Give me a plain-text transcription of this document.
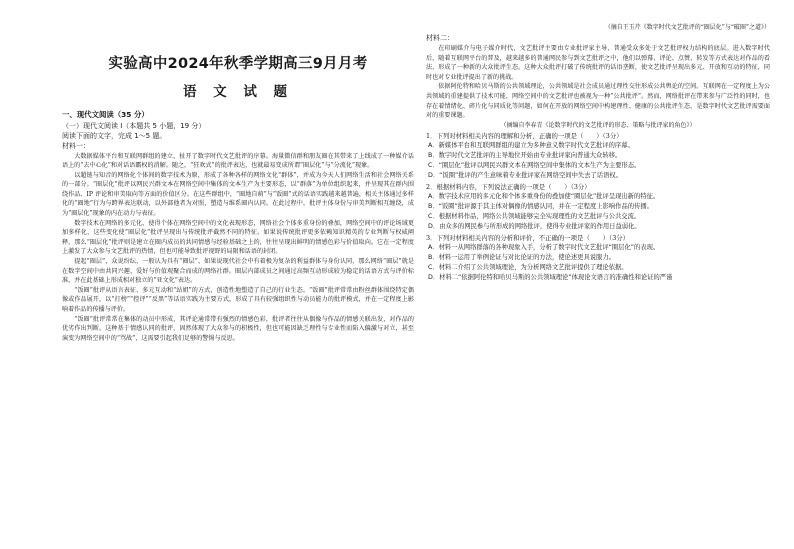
实验高中2024年秋季学期高三9月月考
语 文 试 题
一、现代文阅读（35 分）
（一）现代文阅读 I（本题共 5 小题，19 分）
阅读下面的文字，完成 1～5 题。
材料一：

大数据媒体平台和互联网群组的建立，扯开了数字时代文艺批评的序幕。海量微信群和朋友圈在其带来了上线成了一种媒介话语上的“去中心化”和对话语霸权的消解。随之，“狂欢式”的批评表达，也就最易变成所谓“圈层化”与“分流化”现象。

以超链与知音的网络化个体间的数字技术为原，形成了各种各样的网络文化“群体”，并成为今天人们网络生活和社会网络关系的一部分。“圈层化”批评以网民兴群文本在网络空间中集体的文本生产为主要形态，以“群落”为单位组织起来，并呈现其在群内围绕作品、IP 评论和审美取向等方面的价值区分。在这些群组中，“圈地自萌”与“饭圈”式的话语实践越来越普遍，相关主体通过多样化的“圈地”行为与跨界表达联动，以外部他者为对照，塑造与维系圈内认同。在此过程中，批评主体身份与审美判断相互缠绕，成为“圈层化”现象的内在动力与表征。

数字技术在网络的多元化，使得个体在网络空间中的文化表现形态，网络社会个体多重身份的叠加，网络空间中的评论场域更加多样化，这些变化使“圈层化”批评呈现出与传统批评截然不同的特征。如果说传统批评更多依赖知识精英的专业判断与权威阐释，那么“圈层化”批评则是建立在圈内成员的共同情感与经验基础之上的，往往呈现出鲜明的情感色彩与价值取向。它在一定程度上激发了大众参与文艺批评的热情，但也可能导致批评视野的局限和话语的封闭。

提起“圈层”，众说纷纭，一般认为具有“圈层”、如果说现代社会中有着极为复杂的利益群体与身份认同，那么网络“圈层”就是在数字空间中由共同兴趣、爱好与价值观聚合而成的网络社群。圈层内部成员之间通过高频互动形成较为稳定的话语方式与评价标准，并在此基础上形成相对独立的“亚文化”表达。

“饭圈”批评从语言表征、多元互动和“站姐”的方式，创造性地塑造了自己的行业生态。“饭圈”批评常常由粉丝群体围绕特定偶像或作品展开，以“打榜”“控评”“反黑”等话语实践为主要方式，形成了具有较强组织性与动员能力的批评模式，并在一定程度上影响着作品的传播与评价。

“饭圈”批评常常在集体的动员中形成，其评论通常带有强烈的情感色彩，批评者往往从偶像与作品的情感关联出发，对作品的优劣作出判断。这种基于情感认同的批评，固然体现了大众参与的积极性，但也可能因缺乏理性与专业性而陷入偏激与对立，甚至演变为网络空间中的“骂战”，这需要引起我们足够的警惕与反思。

（摘自王玉芹《数字时代文艺批评的“圈层化”与“破圈”之道》）
材料二：

在印刷媒介与电子媒介时代，文艺批评主要由专业批评家主导，普通受众多处于文艺批评权力结构的底层。进入数字时代后，随着互联网平台的普及，越来越多的普通网民参与到文艺批评之中，他们以弹幕、评论、点赞、转发等方式表达对作品的看法，形成了一种新的大众批评生态。这种大众批评打破了传统批评的话语垄断，使文艺批评呈现出多元、开放和互动的特征，同时也对专业批评提出了新的挑战。

依据阿伦特和哈贝马斯的公共领域理论，公共领域是社会成员通过理性交往形成公共舆论的空间。互联网在一定程度上为公共领域的重建提供了技术可能，网络空间中的文艺批评也被视为一种“公共批评”。然而，网络批评在带来参与广泛性的同时，也存在着情绪化、碎片化与同质化等问题，如何在开放的网络空间中构建理性、健康的公共批评生态，是数字时代文艺批评需要面对的重要课题。

（摘编自李春青《论数字时代的文艺批评的形态、策略与批评家的角色》）
1．下列对材料相关内容的理解和分析，正确的一项是（　　）（3分）
A．新媒体平台和互联网群组的建立为多种意义数字时代文艺批评的序幕。
B．数字时代文艺批评的主导地位开始由专业批评家向普通大众转移。
C．“圈层化”批评以网民兴群文本在网络空间中集体的文本生产为主要形态。
D．“饭圈”批评的产生意味着专业批评家在网络空间中失去了话语权。
2．根据材料内容，下列说法正确的一项是（　　）（3分）
A．数字技术应用的多元化和个体多重身份的叠加使“圈层化”批评呈现出新的特征。
B．“饭圈”批评源于其主体对偶像的情感认同，并在一定程度上影响作品的传播。
C．根据材料作品，网络公共领域能够完全实现理性的文艺批评与公共交流。
D．由众多的网民参与所形成的网络批评，使得专业批评家的作用日益弱化。
3．下列对材料相关内容的分析和评价，不正确的一项是（　　）（3分）
A．材料一从网络群落的各种现象入手，分析了数字时代文艺批评“圈层化”的表现。
B．材料一运用了举例论证与对比论证的方法，使论述更具说服力。
C．材料二介绍了公共领域理论，为分析网络文艺批评提供了理论依据。
D．材料二“依据阿伦特和哈贝马斯的公共领域理论”体现论文语言的准确性和论证的严谨
